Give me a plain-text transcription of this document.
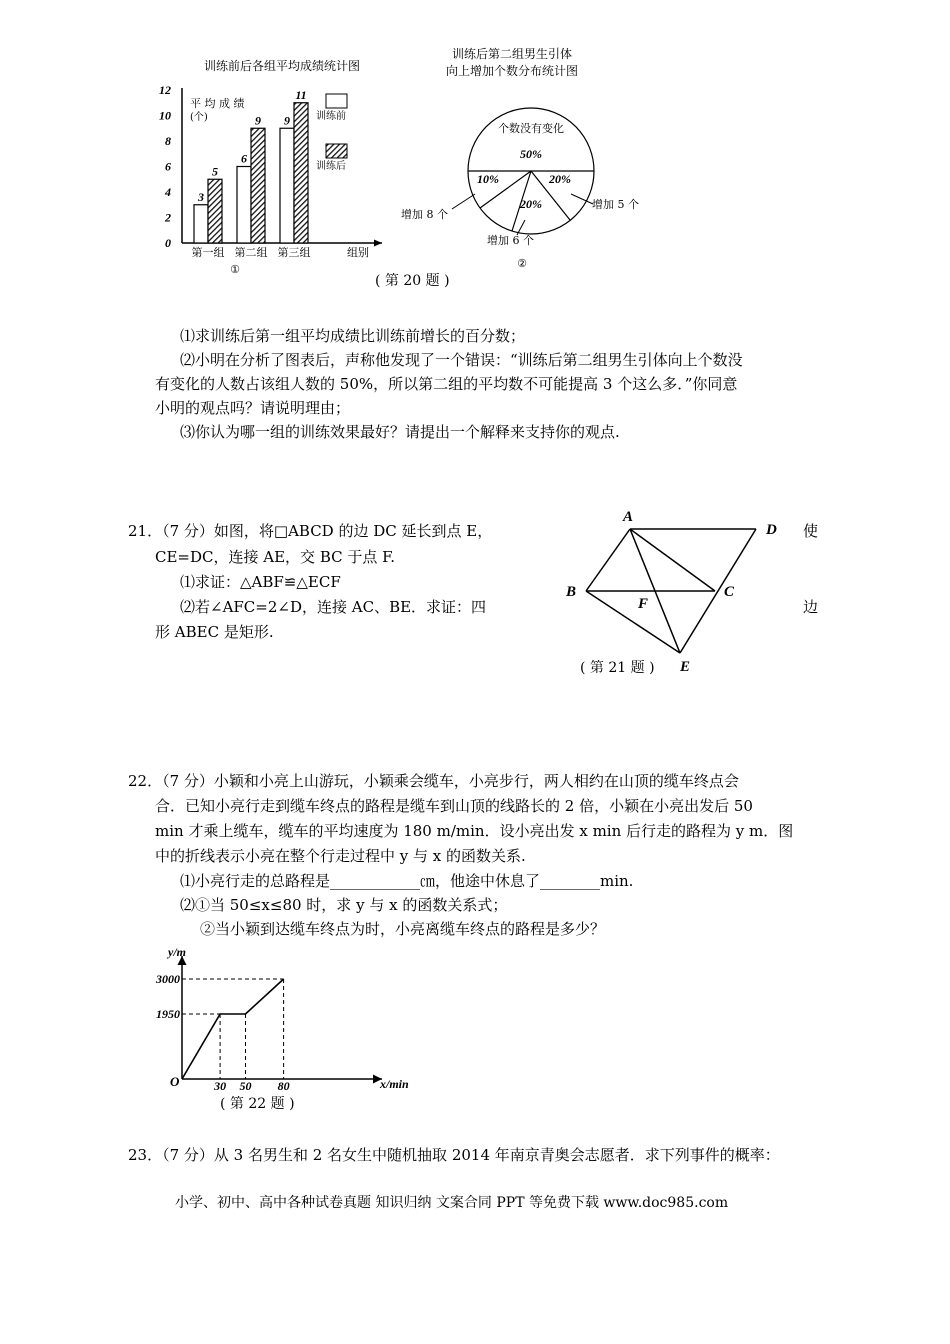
训练前后各组平均成绩统计图
0
2
4
6
8
10
12
3
5
第一组
6
9
第二组
9
11
第三组
平 均 成 绩
(个)	训练前
训练后
组别
①
训练后第二组男生引体
向上增加个数分布统计图
个数没有变化
50%
10%	20%
20%
增加 8 个
增加 6 个
增加 5 个
②
( 第 20 题 )
⑴求训练后第一组平均成绩比训练前增长的百分数；
⑵小明在分析了图表后，声称他发现了一个错误：“训练后第二组男生引体向上个数没
有变化的人数占该组人数的 50%，所以第二组的平均数不可能提高 3 个这么多．”你同意
小明的观点吗？请说明理由；
⑶你认为哪一组的训练效果最好？请提出一个解释来支持你的观点.
21．（7 分）如图，将□ABCD 的边 DC 延长到点 E，	使
CE=DC，连接 AE，交 BC 于点 F.
⑴求证：△ABF≌△ECF
⑵若∠AFC=2∠D，连接 AC、BE．求证：四	边
形 ABEC 是矩形.
A
D
B	C
F
E
( 第 21 题 )
22．（7 分）小颖和小亮上山游玩，小颖乘会缆车，小亮步行，两人相约在山顶的缆车终点会
合．已知小亮行走到缆车终点的路程是缆车到山顶的线路长的 2 倍，小颖在小亮出发后 50
min 才乘上缆车，缆车的平均速度为 180 m/min．设小亮出发 x min 后行走的路程为 y m．图
中的折线表示小亮在整个行走过程中 y 与 x 的函数关系.
⑴小亮行走的总路程是____________㎝，他途中休息了________min.
⑵①当 50≤x≤80 时，求 y 与 x 的函数关系式；
②当小颖到达缆车终点为时，小亮离缆车终点的路程是多少？
y/m
x/min
O
1950
3000
30 50 80
( 第 22 题 )
23．（7 分）从 3 名男生和 2 名女生中随机抽取 2014 年南京青奥会志愿者．求下列事件的概率：
小学、初中、高中各种试卷真题 知识归纳 文案合同 PPT 等免费下载 www.doc985.com
